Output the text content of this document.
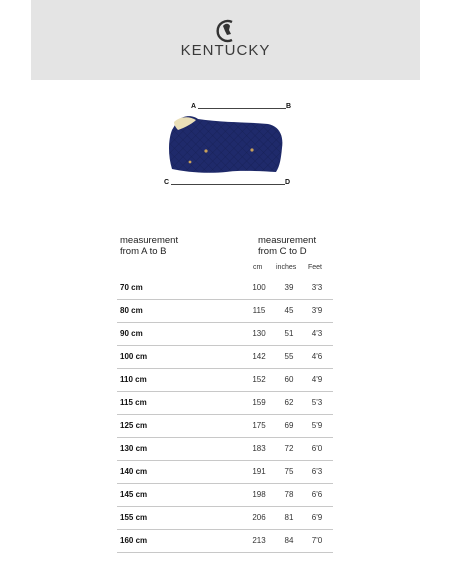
KENTUCKY
A	B
C	D
measurement
from A to B
measurement
from C to D
cm inches Feet
70 cm	100	39	3'3
80 cm	115	45	3'9
90 cm	130	51	4'3
100 cm	142	55	4'6
110 cm	152	60	4'9
115 cm	159	62	5'3
125 cm	175	69	5'9
130 cm	183	72	6'0
140 cm	191	75	6'3
145 cm	198	78	6'6
155 cm	206	81	6'9
160 cm	213	84	7'0
